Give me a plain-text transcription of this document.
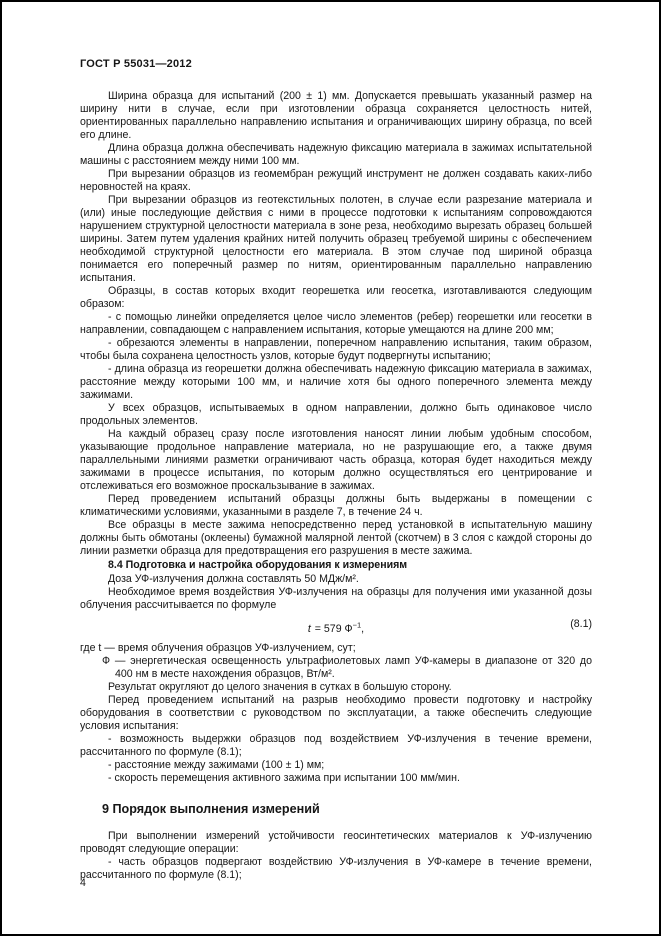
ГОСТ Р 55031—2012

Ширина образца для испытаний (200 ± 1) мм. Допускается превышать указанный размер на ширину нити в случае, если при изготовлении образца сохраняется целостность нитей, ориентированных параллельно направлению испытания и ограничивающих ширину образца, по всей его длине.

Длина образца должна обеспечивать надежную фиксацию материала в зажимах испытательной машины с расстоянием между ними 100 мм.

При вырезании образцов из геомембран режущий инструмент не должен создавать каких-либо неровностей на краях.

При вырезании образцов из геотекстильных полотен, в случае если разрезание материала и (или) иные последующие действия с ними в процессе подготовки к испытаниям сопровождаются нарушением структурной целостности материала в зоне реза, необходимо вырезать образец большей ширины. Затем путем удаления крайних нитей получить образец требуемой ширины с обеспечением необходимой структурной целостности его материала. В этом случае под шириной образца понимается его поперечный размер по нитям, ориентированным параллельно направлению испытания.

Образцы, в состав которых входит георешетка или геосетка, изготавливаются следующим образом:

- с помощью линейки определяется целое число элементов (ребер) георешетки или геосетки в направлении, совпадающем с направлением испытания, которые умещаются на длине 200 мм;

- обрезаются элементы в направлении, поперечном направлению испытания, таким образом, чтобы была сохранена целостность узлов, которые будут подвергнуты испытанию;

- длина образца из георешетки должна обеспечивать надежную фиксацию материала в зажимах, расстояние между которыми 100 мм, и наличие хотя бы одного поперечного элемента между зажимами.

У всех образцов, испытываемых в одном направлении, должно быть одинаковое число продольных элементов.

На каждый образец сразу после изготовления наносят линии любым удобным способом, указывающие продольное направление материала, но не разрушающие его, а также двумя параллельными линиями разметки ограничивают часть образца, которая будет находиться между зажимами в процессе испытания, по которым должно осуществляться его центрирование и отслеживаться его возможное проскальзывание в зажимах.

Перед проведением испытаний образцы должны быть выдержаны в помещении с климатическими условиями, указанными в разделе 7, в течение 24 ч.

Все образцы в месте зажима непосредственно перед установкой в испытательную машину должны быть обмотаны (оклеены) бумажной малярной лентой (скотчем) в 3 слоя с каждой стороны до линии разметки образца для предотвращения его разрушения в месте зажима.

8.4 Подготовка и настройка оборудования к измерениям

Доза УФ-излучения должна составлять 50 МДж/м².

Необходимое время воздействия УФ-излучения на образцы для получения ими указанной дозы облучения рассчитывается по формуле

t = 579 $Ф^{-1}$,	(8.1)

где t — время облучения образцов УФ-излучением, сут;

Ф — энергетическая освещенность ультрафиолетовых ламп УФ-камеры в диапазоне от 320 до 400 нм в месте нахождения образцов, Вт/м².

Результат округляют до целого значения в сутках в большую сторону.

Перед проведением испытаний на разрыв необходимо провести подготовку и настройку оборудования в соответствии с руководством по эксплуатации, а также обеспечить следующие условия испытания:

- возможность выдержки образцов под воздействием УФ-излучения в течение времени, рассчитанного по формуле (8.1);

- расстояние между зажимами (100 ± 1) мм;

- скорость перемещения активного зажима при испытании 100 мм/мин.

9 Порядок выполнения измерений

При выполнении измерений устойчивости геосинтетических материалов к УФ-излучению проводят следующие операции:

- часть образцов подвергают воздействию УФ-излучения в УФ-камере в течение времени, рассчитанного по формуле (8.1);

4
